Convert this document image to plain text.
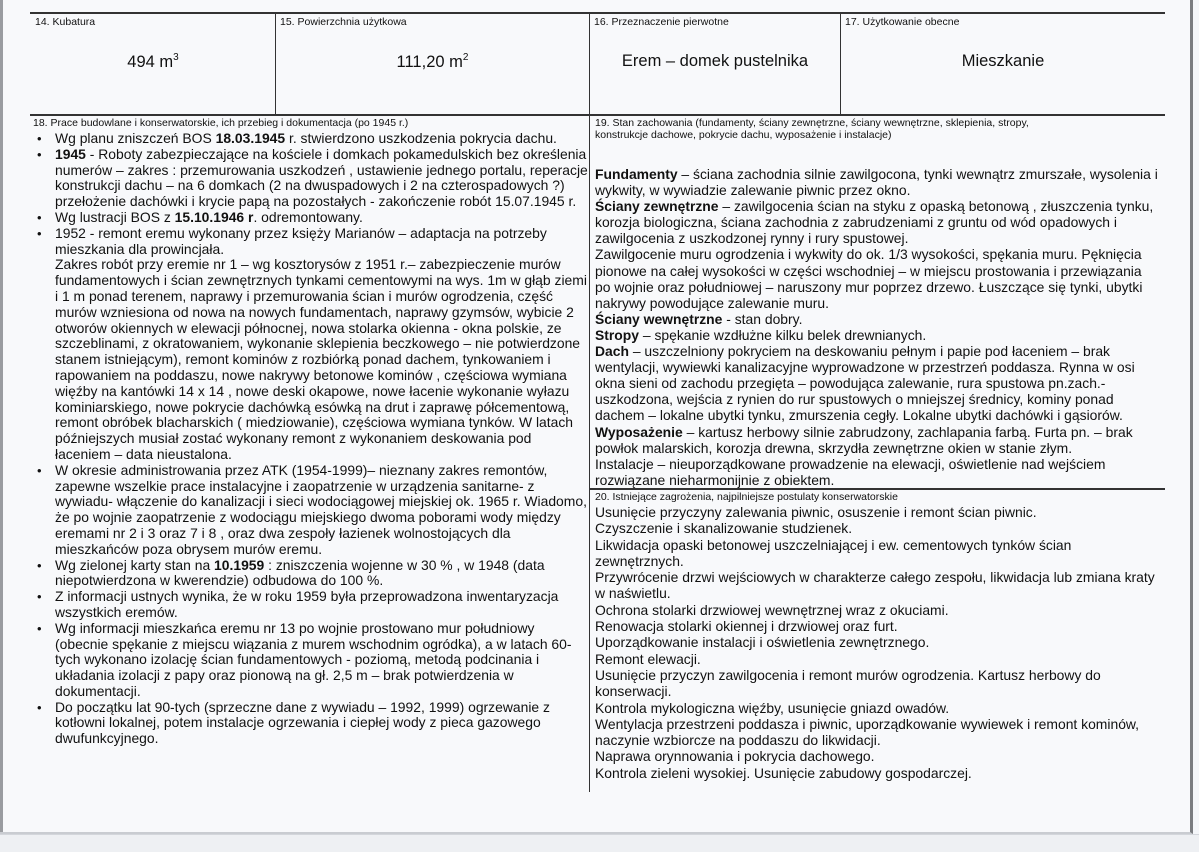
14. Kubatura
494 $m^3$
15. Powierzchnia użytkowa
111,20 $m^2$
16. Przeznaczenie pierwotne
Erem – domek pustelnika
17. Użytkowanie obecne
Mieszkanie
18. Prace budowlane i konserwatorskie, ich przebieg i dokumentacja (po 1945 r.)
• Wg planu zniszczeń BOS 18.03.1945 r. stwierdzono uszkodzenia pokrycia dachu.
• 1945 - Roboty zabezpieczające na kościele i domkach pokamedulskich bez określenia numerów – zakres : przemurowania uszkodzeń , ustawienie jednego portalu, reperacje konstrukcji dachu – na 6 domkach (2 na dwuspadowych i 2 na czterospadowych ?) przełożenie dachówki i krycie papą na pozostałych - zakończenie robót 15.07.1945 r.
• Wg lustracji BOS z 15.10.1946 r. odremontowany.

• 1952 - remont eremu wykonany przez księży Marianów – adaptacja na potrzeby mieszkania dla prowincjała.

Zakres robót przy eremie nr 1 – wg kosztorysów z 1951 r.– zabezpieczenie murów fundamentowych i ścian zewnętrznych tynkami cementowymi na wys. 1m w głąb ziemi i 1 m ponad terenem, naprawy i przemurowania ścian i murów ogrodzenia, część murów wzniesiona od nowa na nowych fundamentach, naprawy gzymsów, wybicie 2 otworów okiennych w elewacji północnej, nowa stolarka okienna - okna polskie, ze szczeblinami, z okratowaniem, wykonanie sklepienia beczkowego – nie potwierdzone stanem istniejącym), remont kominów z rozbiórką ponad dachem, tynkowaniem i rapowaniem na poddaszu, nowe nakrywy betonowe kominów , częściowa wymiana więźby na kantówki 14 x 14 , nowe deski okapowe, nowe łacenie wykonanie wyłazu kominiarskiego, nowe pokrycie dachówką esówką na drut i zaprawę półcementową, remont obróbek blacharskich ( miedziowanie), częściowa wymiana tynków. W latach późniejszych musiał zostać wykonany remont z wykonaniem deskowania pod łaceniem – data nieustalona.

• W okresie administrowania przez ATK (1954-1999)– nieznany zakres remontów, zapewne wszelkie prace instalacyjne i zaopatrzenie w urządzenia sanitarne- z wywiadu- włączenie do kanalizacji i sieci wodociągowej miejskiej ok. 1965 r. Wiadomo, że po wojnie zaopatrzenie z wodociągu miejskiego dwoma poborami wody między eremami nr 2 i 3 oraz 7 i 8 , oraz dwa zespoły łazienek wolnostojących dla mieszkańców poza obrysem murów eremu.
• Wg zielonej karty stan na 10.1959 : zniszczenia wojenne w 30 % , w 1948 (data niepotwierdzona w kwerendzie) odbudowa do 100 %.
• Z informacji ustnych wynika, że w roku 1959 była przeprowadzona inwentaryzacja wszystkich eremów.
• Wg informacji mieszkańca eremu nr 13 po wojnie prostowano mur południowy (obecnie spękanie z miejscu wiązania z murem wschodnim ogródka), a w latach 60-tych wykonano izolację ścian fundamentowych - poziomą, metodą podcinania i układania izolacji z papy oraz pionową na gł. 2,5 m – brak potwierdzenia w dokumentacji.
• Do początku lat 90-tych (sprzeczne dane z wywiadu – 1992, 1999) ogrzewanie z kotłowni lokalnej, potem instalacje ogrzewania i ciepłej wody z pieca gazowego dwufunkcyjnego.
19. Stan zachowania (fundamenty, ściany zewnętrzne, ściany wewnętrzne, sklepienia, stropy,
konstrukcje dachowe, pokrycie dachu, wyposażenie i instalacje)

Fundamenty – ściana zachodnia silnie zawilgocona, tynki wewnątrz zmurszałe, wysolenia i wykwity, w wywiadzie zalewanie piwnic przez okno.

Ściany zewnętrzne – zawilgocenia ścian na styku z opaską betonową , złuszczenia tynku, korozja biologiczna, ściana zachodnia z zabrudzeniami z gruntu od wód opadowych i zawilgocenia z uszkodzonej rynny i rury spustowej.

Zawilgocenie muru ogrodzenia i wykwity do ok. 1/3 wysokości, spękania muru. Pęknięcia pionowe na całej wysokości w części wschodniej – w miejscu prostowania i przewiązania po wojnie oraz południowej – naruszony mur poprzez drzewo. Łuszczące się tynki, ubytki nakrywy powodujące zalewanie muru.

Ściany wewnętrzne - stan dobry.

Stropy – spękanie wzdłużne kilku belek drewnianych.

Dach – uszczelniony pokryciem na deskowaniu pełnym i papie pod łaceniem – brak wentylacji, wywiewki kanalizacyjne wyprowadzone w przestrzeń poddasza. Rynna w osi okna sieni od zachodu przegięta – powodująca zalewanie, rura spustowa pn.zach.- uszkodzona, wejścia z rynien do rur spustowych o mniejszej średnicy, kominy ponad dachem – lokalne ubytki tynku, zmurszenia cegły. Lokalne ubytki dachówki i gąsiorów.

Wyposażenie – kartusz herbowy silnie zabrudzony, zachlapania farbą. Furta pn. – brak powłok malarskich, korozja drewna, skrzydła zewnętrzne okien w stanie złym.

Instalacje – nieuporządkowane prowadzenie na elewacji, oświetlenie nad wejściem rozwiązane nieharmonijnie z obiektem.

20. Istniejące zagrożenia, najpilniejsze postulaty konserwatorskie

Usunięcie przyczyny zalewania piwnic, osuszenie i remont ścian piwnic.

Czyszczenie i skanalizowanie studzienek.

Likwidacja opaski betonowej uszczelniającej i ew. cementowych tynków ścian zewnętrznych.

Przywrócenie drzwi wejściowych w charakterze całego zespołu, likwidacja lub zmiana kraty w naświetlu.

Ochrona stolarki drzwiowej wewnętrznej wraz z okuciami.

Renowacja stolarki okiennej i drzwiowej oraz furt.

Uporządkowanie instalacji i oświetlenia zewnętrznego.

Remont elewacji.

Usunięcie przyczyn zawilgocenia i remont murów ogrodzenia. Kartusz herbowy do konserwacji.

Kontrola mykologiczna więźby, usunięcie gniazd owadów.

Wentylacja przestrzeni poddasza i piwnic, uporządkowanie wywiewek i remont kominów, naczynie wzbiorcze na poddaszu do likwidacji.

Naprawa orynnowania i pokrycia dachowego.

Kontrola zieleni wysokiej. Usunięcie zabudowy gospodarczej.
